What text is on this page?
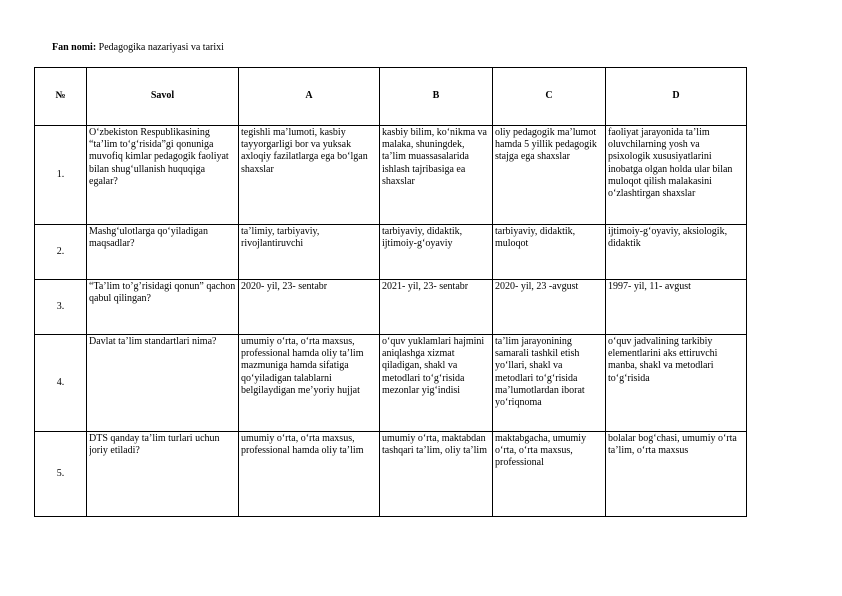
Fan nomi: Pedagogika nazariyasi va tarixi
№	Savol	A	B	C	D
1.	O‘zbekiston Respublikasining “ta’lim to‘g‘risida”gi qonuniga muvofiq kimlar pedagogik faoliyat bilan shug‘ullanish huquqiga egalar?	tegishli ma’lumoti, kasbiy tayyorgarligi bor va yuksak axloqiy fazilatlarga ega bo‘lgan shaxslar	kasbiy bilim, ko‘nikma va malaka, shuningdek, ta’lim muassasalarida ishlash tajribasiga ea shaxslar	oliy pedagogik ma’lumot hamda 5 yillik pedagogik stajga ega shaxslar	faoliyat jarayonida ta’lim oluvchilarning yosh va psixologik xususiyatlarini inobatga olgan holda ular bilan muloqot qilish malakasini o‘zlashtirgan shaxslar

2.	Mashg‘ulotlarga qo‘yiladigan maqsadlar?	ta’limiy, tarbiyaviy, rivojlantiruvchi	tarbiyaviy, didaktik, ijtimoiy-g‘oyaviy	tarbiyaviy, didaktik, muloqot	ijtimoiy-g‘oyaviy, aksiologik, didaktik

3.	“Ta’lim to’g’risidagi qonun” qachon qabul qilingan?	2020- yil, 23- sentabr	2021- yil, 23- sentabr	2020- yil, 23 -avgust	1997- yil, 11- avgust

4.	Davlat ta’lim standartlari nima?	umumiy o‘rta, o‘rta maxsus, professional hamda oliy ta’lim mazmuniga hamda sifatiga qo‘yiladigan talablarni belgilaydigan me’yoriy hujjat	o‘quv yuklamlari hajmini aniqlashga xizmat qiladigan, shakl va metodlari to‘g‘risida mezonlar yig‘indisi	ta’lim jarayonining samarali tashkil etish yo‘llari, shakl va metodlari to‘g‘risida ma’lumotlardan iborat yo‘riqnoma	o‘quv jadvalining tarkibiy elementlarini aks ettiruvchi manba, shakl va metodlari to‘g‘risida

5.	DTS qanday ta’lim turlari uchun joriy etiladi?	umumiy o‘rta, o‘rta maxsus, professional hamda oliy ta’lim	umumiy o‘rta, maktabdan tashqari ta’lim, oliy ta’lim	maktabgacha, umumiy o‘rta, o‘rta maxsus, professional	bolalar bog‘chasi, umumiy o‘rta ta’lim, o‘rta maxsus
